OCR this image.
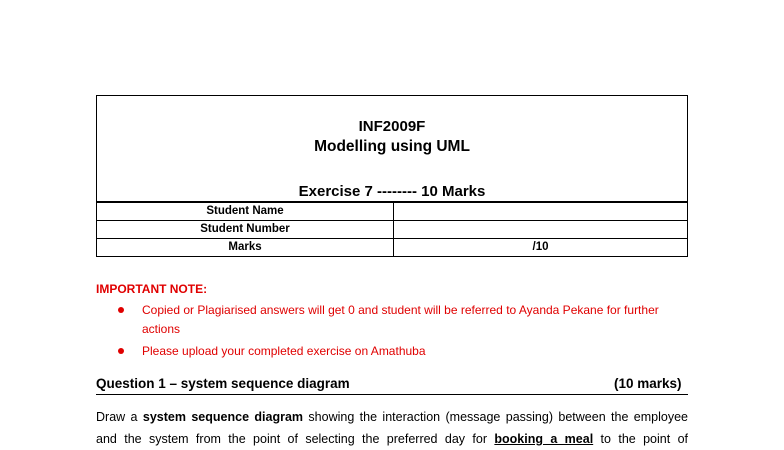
INF2009F
Modelling using UML
Exercise 7 -------- 10 Marks
Student Name	
Student Number	
Marks	/10
IMPORTANT NOTE:
Copied or Plagiarised answers will get 0 and student will be referred to Ayanda Pekane for further actions
Please upload your completed exercise on Amathuba
Question 1 – system sequence diagram	(10 marks)

Draw a system sequence diagram showing the interaction (message passing) between the employee

and the system from the point of selecting the preferred day for booking a meal to the point of
